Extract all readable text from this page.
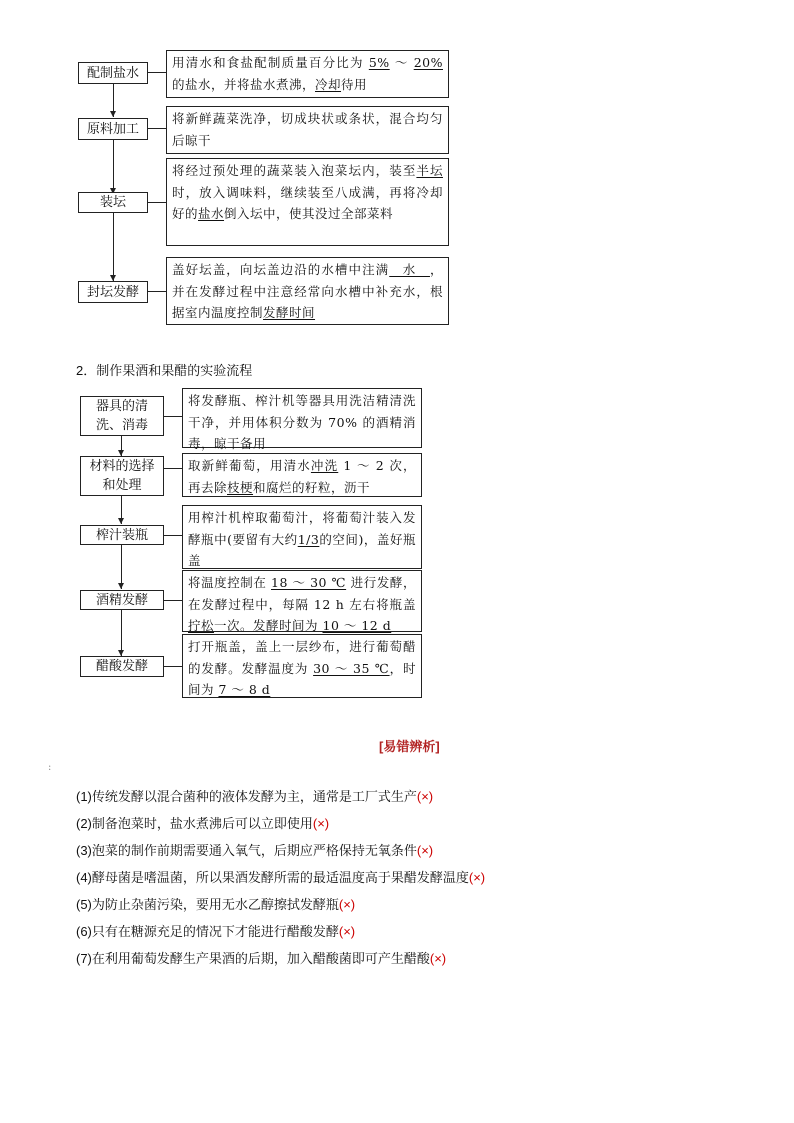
配制盐水
用清水和食盐配制质量百分比为 5% ～ 20% 的盐水，并将盐水煮沸，冷却待用
原料加工
将新鲜蔬菜洗净，切成块状或条状，混合均匀后晾干
装坛
将经过预处理的蔬菜装入泡菜坛内，装至半坛时，放入调味料，继续装至八成满，再将冷却好的盐水倒入坛中，使其没过全部菜料
封坛发酵
盖好坛盖，向坛盖边沿的水槽中注满　水　，并在发酵过程中注意经常向水槽中补充水，根据室内温度控制发酵时间
2．制作果酒和果醋的实验流程
器具的清洗、消毒
将发酵瓶、榨汁机等器具用洗洁精清洗干净，并用体积分数为 70% 的酒精消毒，晾干备用
材料的选择和处理
取新鲜葡萄，用清水冲洗 1 ～ 2 次，再去除枝梗和腐烂的籽粒，沥干
榨汁装瓶
用榨汁机榨取葡萄汁，将葡萄汁装入发酵瓶中(要留有大约1/3的空间)，盖好瓶盖
酒精发酵
将温度控制在 18 ～ 30 ℃ 进行发酵，在发酵过程中，每隔 12 h 左右将瓶盖拧松一次。发酵时间为 10 ～ 12 d
醋酸发酵
打开瓶盖，盖上一层纱布，进行葡萄醋的发酵。发酵温度为 30 ～ 35 ℃，时间为 7 ～ 8 d
[易错辨析]
:
(1)传统发酵以混合菌种的液体发酵为主，通常是工厂式生产(×)
(2)制备泡菜时，盐水煮沸后可以立即使用(×)
(3)泡菜的制作前期需要通入氧气，后期应严格保持无氧条件(×)
(4)酵母菌是嗜温菌，所以果酒发酵所需的最适温度高于果醋发酵温度(×)
(5)为防止杂菌污染，要用无水乙醇擦拭发酵瓶(×)
(6)只有在糖源充足的情况下才能进行醋酸发酵(×)
(7)在利用葡萄发酵生产果酒的后期，加入醋酸菌即可产生醋酸(×)
